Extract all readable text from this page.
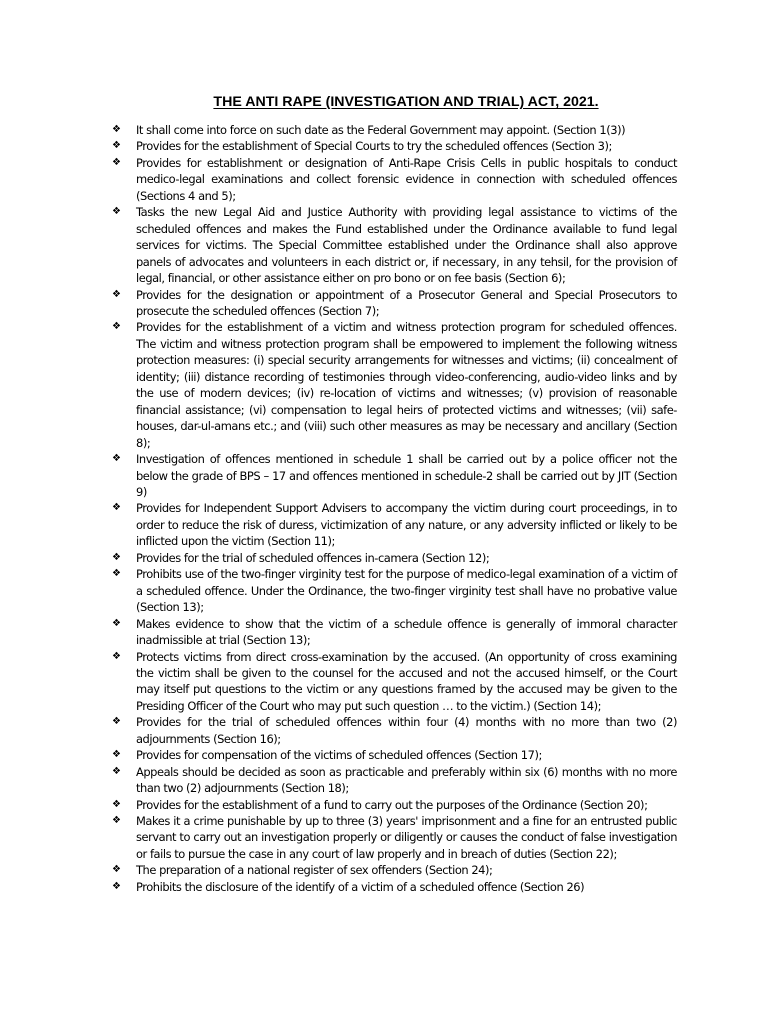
THE ANTI RAPE (INVESTIGATION AND TRIAL) ACT, 2021.
❖	It shall come into force on such date as the Federal Government may appoint. (Section 1(3))
❖	Provides for the establishment of Special Courts to try the scheduled offences (Section 3);
❖	Provides for establishment or designation of Anti-Rape Crisis Cells in public hospitals to conduct medico-legal examinations and collect forensic evidence in connection with scheduled offences (Sections 4 and 5);
❖	Tasks the new Legal Aid and Justice Authority with providing legal assistance to victims of the scheduled offences and makes the Fund established under the Ordinance available to fund legal services for victims. The Special Committee established under the Ordinance shall also approve panels of advocates and volunteers in each district or, if necessary, in any tehsil, for the provision of legal, financial, or other assistance either on pro bono or on fee basis (Section 6);
❖	Provides for the designation or appointment of a Prosecutor General and Special Prosecutors to prosecute the scheduled offences (Section 7);
❖	Provides for the establishment of a victim and witness protection program for scheduled offences. The victim and witness protection program shall be empowered to implement the following witness protection measures: (i) special security arrangements for witnesses and victims; (ii) concealment of identity; (iii) distance recording of testimonies through video-conferencing, audio-video links and by the use of modern devices; (iv) re-location of victims and witnesses; (v) provision of reasonable financial assistance; (vi) compensation to legal heirs of protected victims and witnesses; (vii) safe-houses, dar-ul-amans etc.; and (viii) such other measures as may be necessary and ancillary (Section 8);
❖	Investigation of offences mentioned in schedule 1 shall be carried out by a police officer not the below the grade of BPS – 17 and offences mentioned in schedule-2 shall be carried out by JIT (Section 9)
❖	Provides for Independent Support Advisers to accompany the victim during court proceedings, in to order to reduce the risk of duress, victimization of any nature, or any adversity inflicted or likely to be inflicted upon the victim (Section 11);
❖	Provides for the trial of scheduled offences in-camera (Section 12);
❖	Prohibits use of the two-finger virginity test for the purpose of medico-legal examination of a victim of a scheduled offence. Under the Ordinance, the two-finger virginity test shall have no probative value (Section 13);
❖	Makes evidence to show that the victim of a schedule offence is generally of immoral character inadmissible at trial (Section 13);
❖	Protects victims from direct cross-examination by the accused. (An opportunity of cross examining the victim shall be given to the counsel for the accused and not the accused himself, or the Court may itself put questions to the victim or any questions framed by the accused may be given to the Presiding Officer of the Court who may put such question … to the victim.) (Section 14);
❖	Provides for the trial of scheduled offences within four (4) months with no more than two (2) adjournments (Section 16);
❖	Provides for compensation of the victims of scheduled offences (Section 17);
❖	Appeals should be decided as soon as practicable and preferably within six (6) months with no more than two (2) adjournments (Section 18);
❖	Provides for the establishment of a fund to carry out the purposes of the Ordinance (Section 20);
❖	Makes it a crime punishable by up to three (3) years' imprisonment and a fine for an entrusted public servant to carry out an investigation properly or diligently or causes the conduct of false investigation or fails to pursue the case in any court of law properly and in breach of duties (Section 22);
❖	The preparation of a national register of sex offenders (Section 24);
❖	Prohibits the disclosure of the identify of a victim of a scheduled offence (Section 26)
